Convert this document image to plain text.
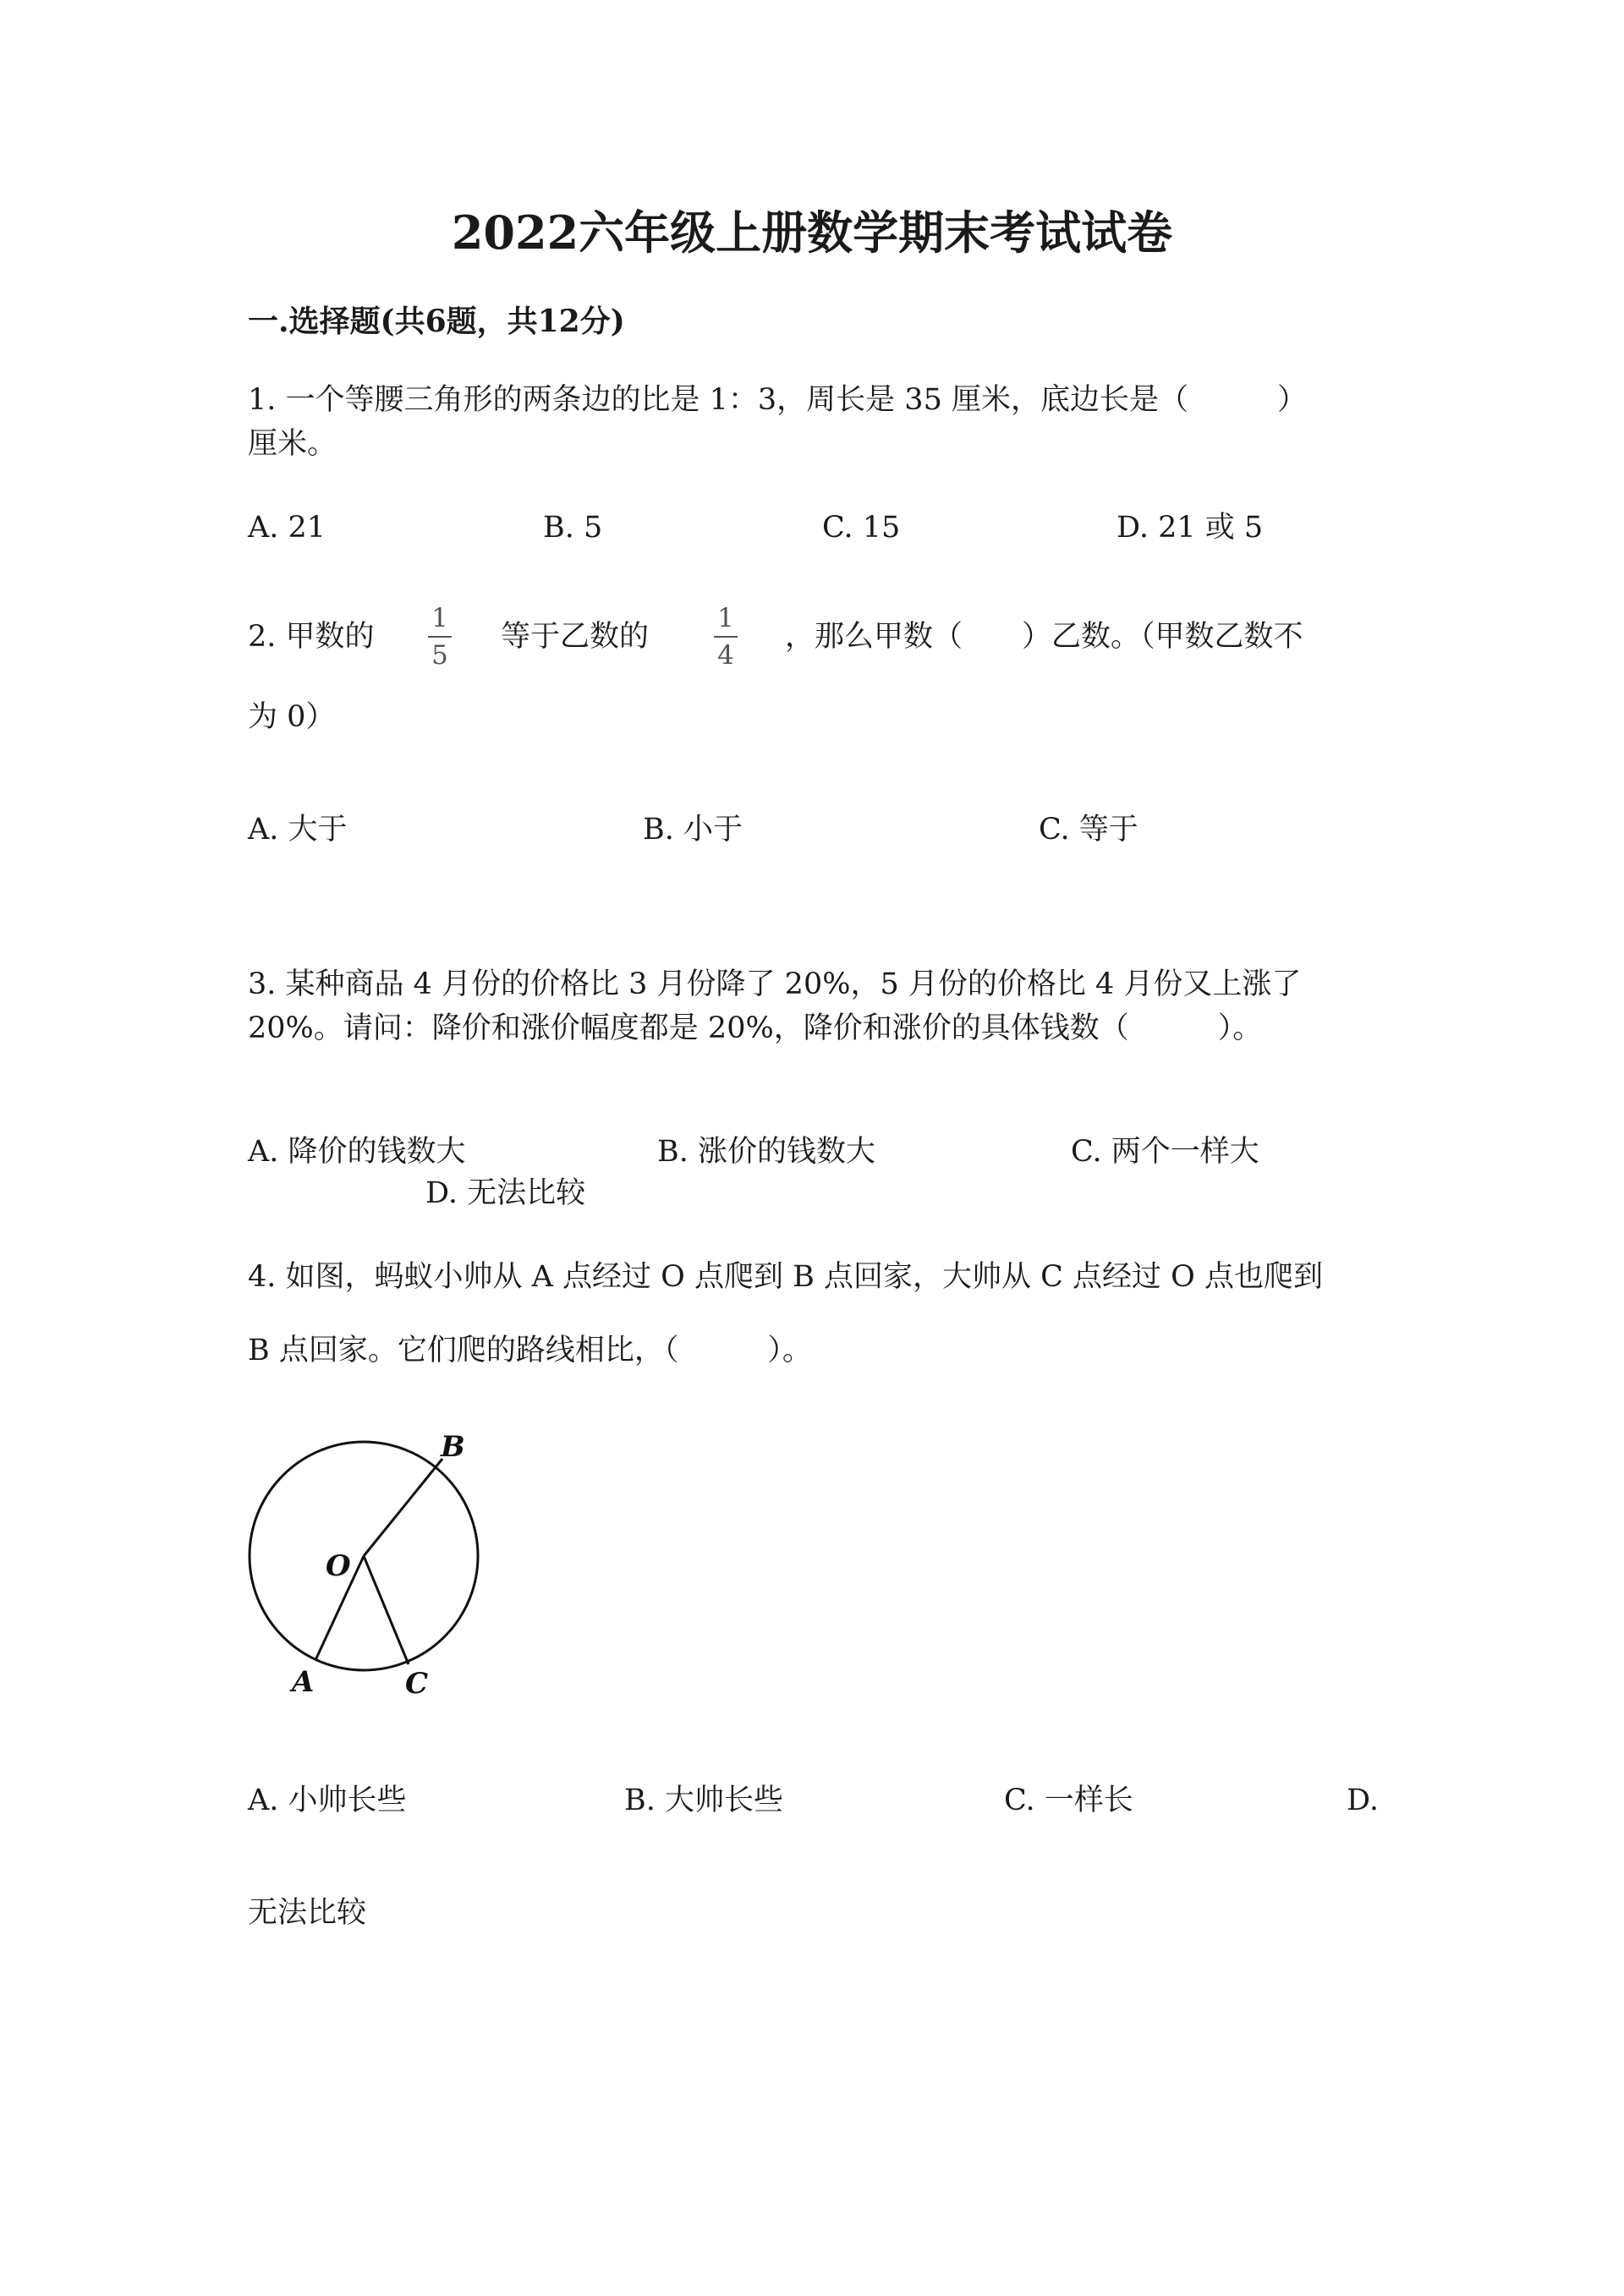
2022六年级上册数学期末考试试卷
一.选择题(共6题，共12分)
1. 一个等腰三角形的两条边的比是 1：3，周长是 35 厘米，底边长是（　　　）
厘米。
A. 21	B. 5	C. 15	D. 21 或 5
2. 甲数的
1
5
等于乙数的
1
4
，那么甲数（　　）乙数。（甲数乙数不
为 0）
A. 大于	B. 小于	C. 等于
3. 某种商品 4 月份的价格比 3 月份降了 20%，5 月份的价格比 4 月份又上涨了
20%。请问：降价和涨价幅度都是 20%，降价和涨价的具体钱数（　　　）。
A. 降价的钱数大	B. 涨价的钱数大	C. 两个一样大
D. 无法比较
4. 如图，蚂蚁小帅从 A 点经过 O 点爬到 B 点回家，大帅从 C 点经过 O 点也爬到
B 点回家。它们爬的路线相比，（　　　）。
B
O
A	C
A. 小帅长些	B. 大帅长些	C. 一样长	D.
无法比较
